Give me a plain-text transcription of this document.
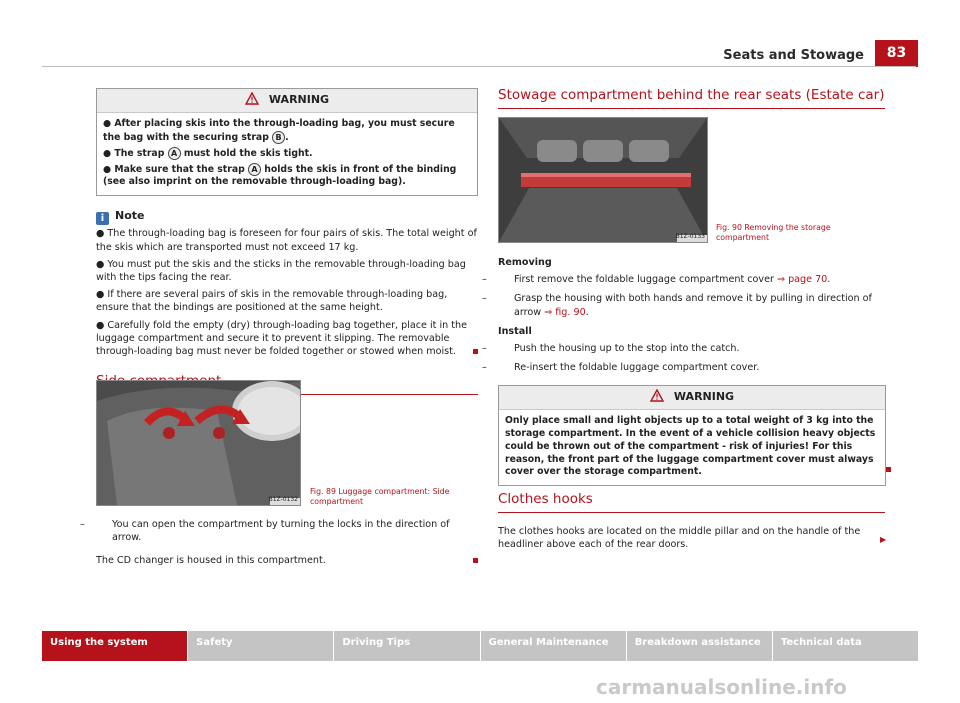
Seats and Stowage	83
WARNING

● After placing skis into the through-loading bag, you must secure the bag with the securing strap B .

● The strap A must hold the skis tight.

● Make sure that the strap A holds the skis in front of the binding (see also imprint on the removable through-loading bag).

i Note

● The through-loading bag is foreseen for four pairs of skis. The total weight of the skis which are transported must not exceed 17 kg.

● You must put the skis and the sticks in the removable through-loading bag with the tips facing the rear.

● If there are several pairs of skis in the removable through-loading bag, ensure that the bindings are positioned at the same height.

● Carefully fold the empty (dry) through-loading bag together, place it in the luggage compartment and secure it to prevent it slipping. The removable through-loading bag must never be folded together or stowed when moist.

B1Z-0132
Fig. 89 Luggage compartment: Side compartment

–	You can open the compartment by turning the locks in the direction of arrow.

The CD changer is housed in this compartment.

Stowage compartment behind the rear seats (Estate car)
B1Z-0133
Fig. 90 Removing the storage compartment
Removing

–	First remove the foldable luggage compartment cover ⇒ page 70.

–	Grasp the housing with both hands and remove it by pulling in direction of arrow ⇒ fig. 90.

Install

–	Push the housing up to the stop into the catch.

–	Re-insert the foldable luggage compartment cover.

WARNING

Only place small and light objects up to a total weight of 3 kg into the storage compartment. In the event of a vehicle collision heavy objects could be thrown out of the compartment - risk of injuries! For this reason, the front part of the luggage compartment cover must always cover over the storage compartment.

Clothes hooks

The clothes hooks are located on the middle pillar and on the handle of the headliner above each of the rear doors.	▶
Using the system	Safety	Driving Tips	General Maintenance	Breakdown assistance	Technical data
carmanualsonline.info
